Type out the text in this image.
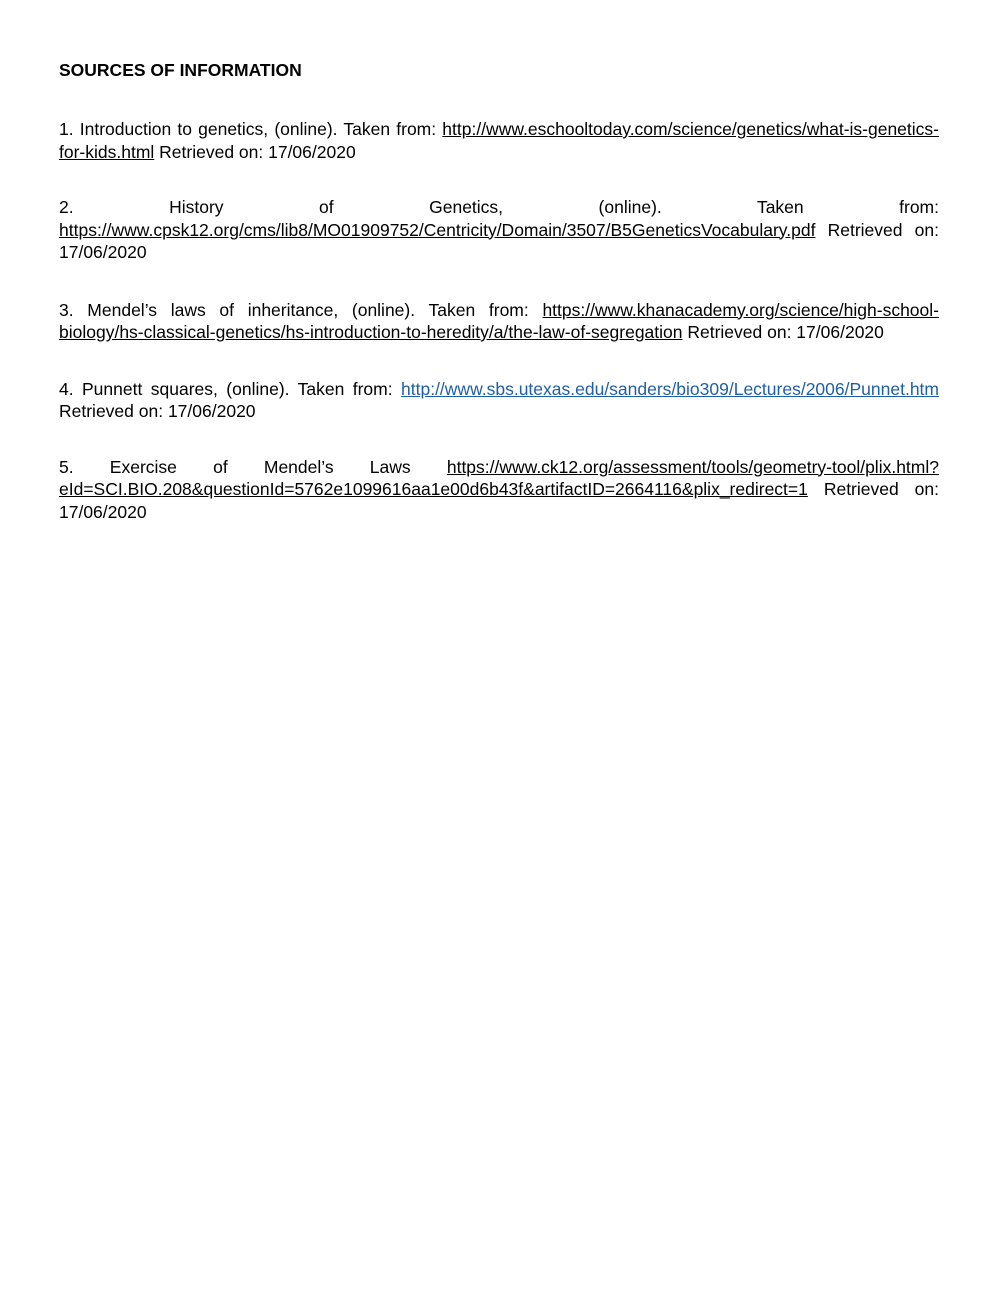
SOURCES OF INFORMATION

1. Introduction to genetics, (online). Taken from: http://www.eschooltoday.com/science/genetics/what-is-genetics-for-kids.html Retrieved on: 17/06/2020

2. History of Genetics, (online). Taken from: https://www.cpsk12.org/cms/lib8/MO01909752/Centricity/Domain/3507/B5GeneticsVocabulary.pdf Retrieved on: 17/06/2020

3. Mendel’s laws of inheritance, (online). Taken from: https://www.khanacademy.org/science/high-school-biology/hs-classical-genetics/hs-introduction-to-heredity/a/the-law-of-segregation Retrieved on: 17/06/2020

4. Punnett squares, (online). Taken from: http://www.sbs.utexas.edu/sanders/bio309/Lectures/2006/Punnet.htm Retrieved on: 17/06/2020

5. Exercise of Mendel’s Laws https://www.ck12.org/assessment/tools/geometry-tool/plix.html?eId=SCI.BIO.208&questionId=5762e1099616aa1e00d6b43f&artifactID=2664116&plix_redirect=1 Retrieved on: 17/06/2020
